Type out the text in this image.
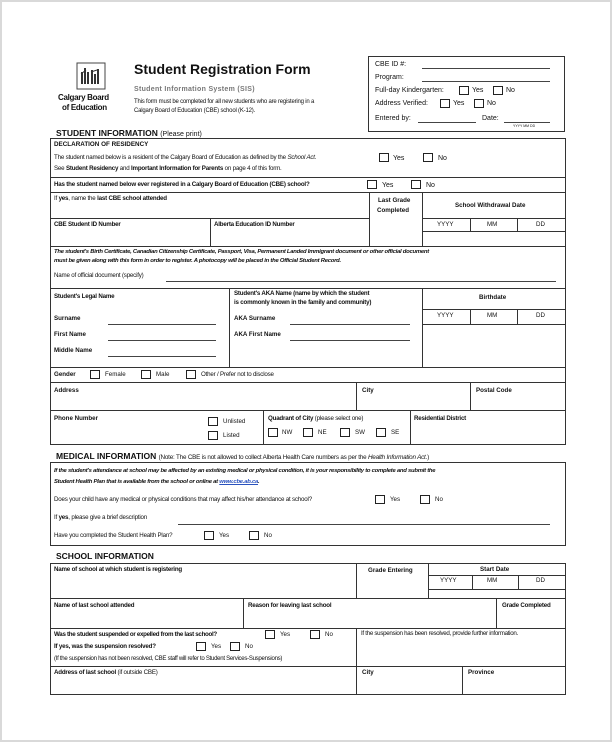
Calgary Board
of Education
Student Registration Form
Student Information System (SIS)
This form must be completed for all new students who are registering in a
Calgary Board of Education (CBE) school (K-12).
CBE ID #:
Program:
Full-day Kindergarten:	Yes	No
Address Verified:	Yes	No
Entered by:	Date:
YYYY MM DD
STUDENT INFORMATION (Please print)
DECLARATION OF RESIDENCY
The student named below is a resident of the Calgary Board of Education as defined by the School Act.	Yes	No
See Student Residency and Important Information for Parents on page 4 of this form.
Has the student named below ever registered in a Calgary Board of Education (CBE) school?	Yes	No
If yes, name the last CBE school attended	Last Grade
Completed
School Withdrawal Date
YYYY	MM	DD
CBE Student ID Number	Alberta Education ID Number
The student's Birth Certificate, Canadian Citizenship Certificate, Passport, Visa, Permanent Landed Immigrant document or other official document
must be given along with this form in order to register. A photocopy will be placed in the Official Student Record.
Name of official document (specify)
Student's Legal Name
Surname
First Name
Middle Name
Student's AKA Name (name by which the student
is commonly known in the family and community)
AKA Surname
AKA First Name
Birthdate
YYYY	MM	DD
Gender	Female	Male	Other / Prefer not to disclose
Address	City	Postal Code
Phone Number	Unlisted
Listed
Quadrant of City (please select one)
NW	NE	SW	SE
Residential District
MEDICAL INFORMATION (Note: The CBE is not allowed to collect Alberta Health Care numbers as per the Health Information Act.)
If the student's attendance at school may be affected by an existing medical or physical condition, it is your responsibility to complete and submit the
Student Health Plan that is available from the school or online at www.cbe.ab.ca.
Does your child have any medical or physical conditions that may affect his/her attendance at school?	Yes	No
If yes, please give a brief description
Have you completed the Student Health Plan?	Yes	No
SCHOOL INFORMATION
Name of school at which student is registering	Grade Entering	Start Date
YYYY	MM	DD
Name of last school attended	Reason for leaving last school	Grade Completed
Was the student suspended or expelled from the last school?	Yes	No	If the suspension has been resolved, provide further information.
If yes, was the suspension resolved?	Yes	No
(If the suspension has not been resolved, CBE staff will refer to Student Services-Suspensions)
Address of last school (if outside CBE)	City	Province
